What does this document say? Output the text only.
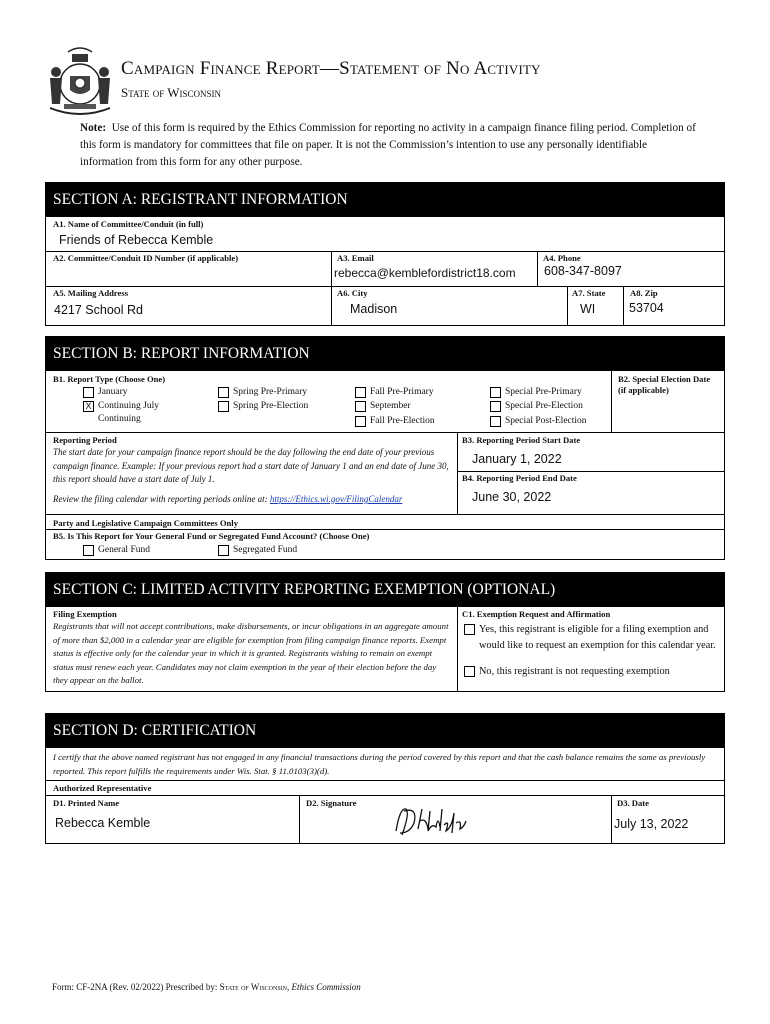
Campaign Finance Report—Statement of No Activity
State of Wisconsin
Note: Use of this form is required by the Ethics Commission for reporting no activity in a campaign finance filing period. Completion of this form is mandatory for committees that file on paper. It is not the Commission’s intention to use any personally identifiable information from this form for any other purpose.
SECTION A: REGISTRANT INFORMATION
A1. Name of Committee/Conduit (in full)
Friends of Rebecca Kemble
A2. Committee/Conduit ID Number (if applicable)	A3. Email
rebecca@kemblefordistrict18.com
A4. Phone
608-347-8097
A5. Mailing Address
4217 School Rd
A6. City
Madison
A7. State
WI
A8. Zip
53704
SECTION B: REPORT INFORMATION
B1. Report Type (Choose One)	B2. Special Election Date (if applicable)
January
X Continuing July
Continuing
Spring Pre-Primary
Spring Pre-Election
Fall Pre-Primary
September
Fall Pre-Election
Special Pre-Primary
Special Pre-Election
Special Post-Election
Reporting Period
The start date for your campaign finance report should be the day following the end date of your previous campaign finance. Example: If your previous report had a start date of January 1 and an end date of June 30, this report should have a start date of July 1.
Review the filing calendar with reporting periods online at: https://Ethics.wi.gov/FilingCalendar
B3. Reporting Period Start Date
January 1, 2022
B4. Reporting Period End Date
June 30, 2022
Party and Legislative Campaign Committees Only
B5. Is This Report for Your General Fund or Segregated Fund Account? (Choose One)
General Fund	Segregated Fund
SECTION C: LIMITED ACTIVITY REPORTING EXEMPTION (OPTIONAL)
Filing Exemption
Registrants that will not accept contributions, make disbursements, or incur obligations in an aggregate amount of more than $2,000 in a calendar year are eligible for exemption from filing campaign finance reports. Exempt status is effective only for the calendar year in which it is granted. Registrants wishing to remain on exempt status must renew each year. Candidates may not claim exemption in the year of their election before the day they appear on the ballot.
C1. Exemption Request and Affirmation
Yes, this registrant is eligible for a filing exemption and would like to request an exemption for this calendar year.
No, this registrant is not requesting exemption
SECTION D: CERTIFICATION
I certify that the above named registrant has not engaged in any financial transactions during the period covered by this report and that the cash balance remains the same as previously reported. This report fulfills the requirements under Wis. Stat. § 11.0103(3)(d).
Authorized Representative
D1. Printed Name
Rebecca Kemble
D2. Signature	D3. Date
July 13, 2022
Form: CF-2NA (Rev. 02/2022) Prescribed by: State of Wisconsin, Ethics Commission
